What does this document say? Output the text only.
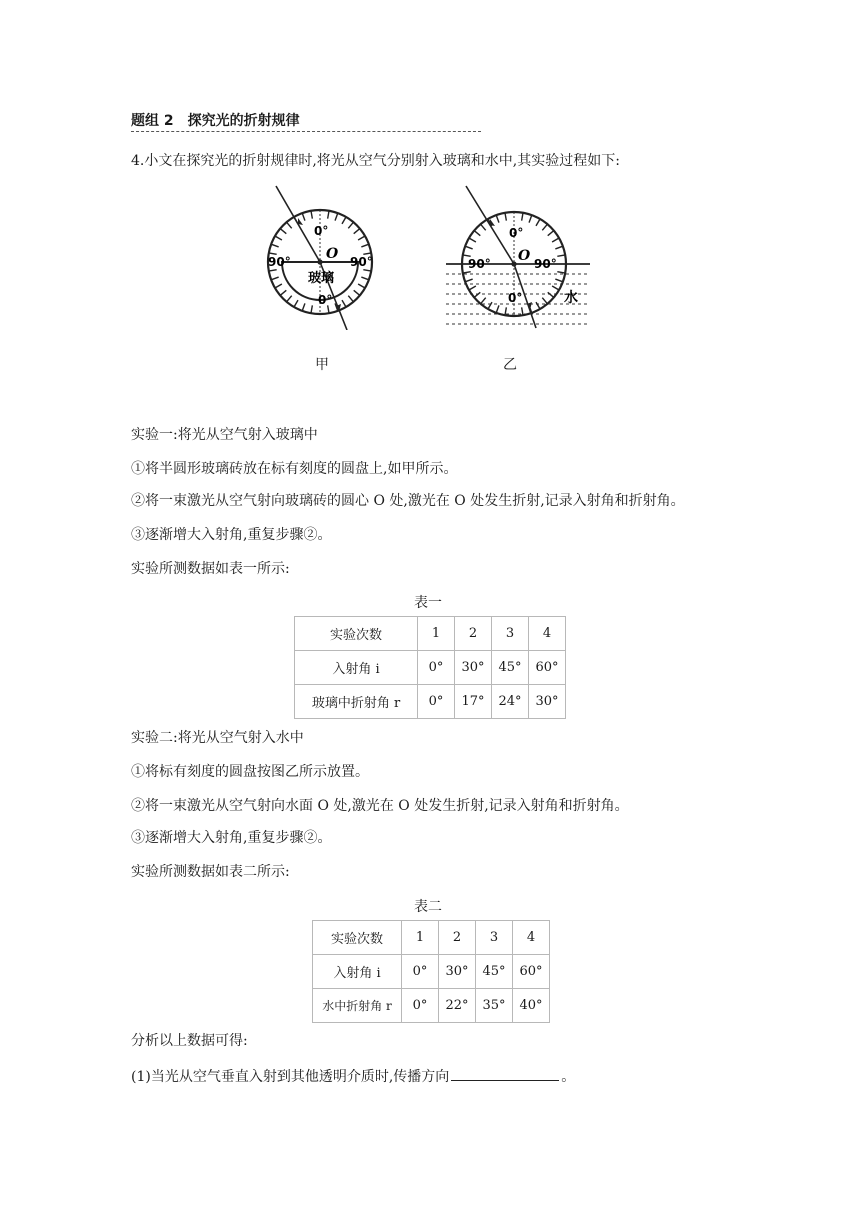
题组 2　探究光的折射规律
4.小文在探究光的折射规律时,将光从空气分别射入玻璃和水中,其实验过程如下:
0°
90°	90°
O
玻璃
0°
甲
0°
90°	90°
O
0°	水
乙
实验一:将光从空气射入玻璃中
①将半圆形玻璃砖放在标有刻度的圆盘上,如甲所示。
②将一束激光从空气射向玻璃砖的圆心 O 处,激光在 O 处发生折射,记录入射角和折射角。
③逐渐增大入射角,重复步骤②。
实验所测数据如表一所示:
表一
实验次数	1	2	3	4
入射角 i	0°	30°	45°	60°
玻璃中折射角 r	0°	17°	24°	30°
实验二:将光从空气射入水中
①将标有刻度的圆盘按图乙所示放置。
②将一束激光从空气射向水面 O 处,激光在 O 处发生折射,记录入射角和折射角。
③逐渐增大入射角,重复步骤②。
实验所测数据如表二所示:
表二
实验次数	1	2	3	4
入射角 i	0°	30°	45°	60°
水中折射角 r	0°	22°	35°	40°
分析以上数据可得:
(1)当光从空气垂直入射到其他透明介质时,传播方向	。
